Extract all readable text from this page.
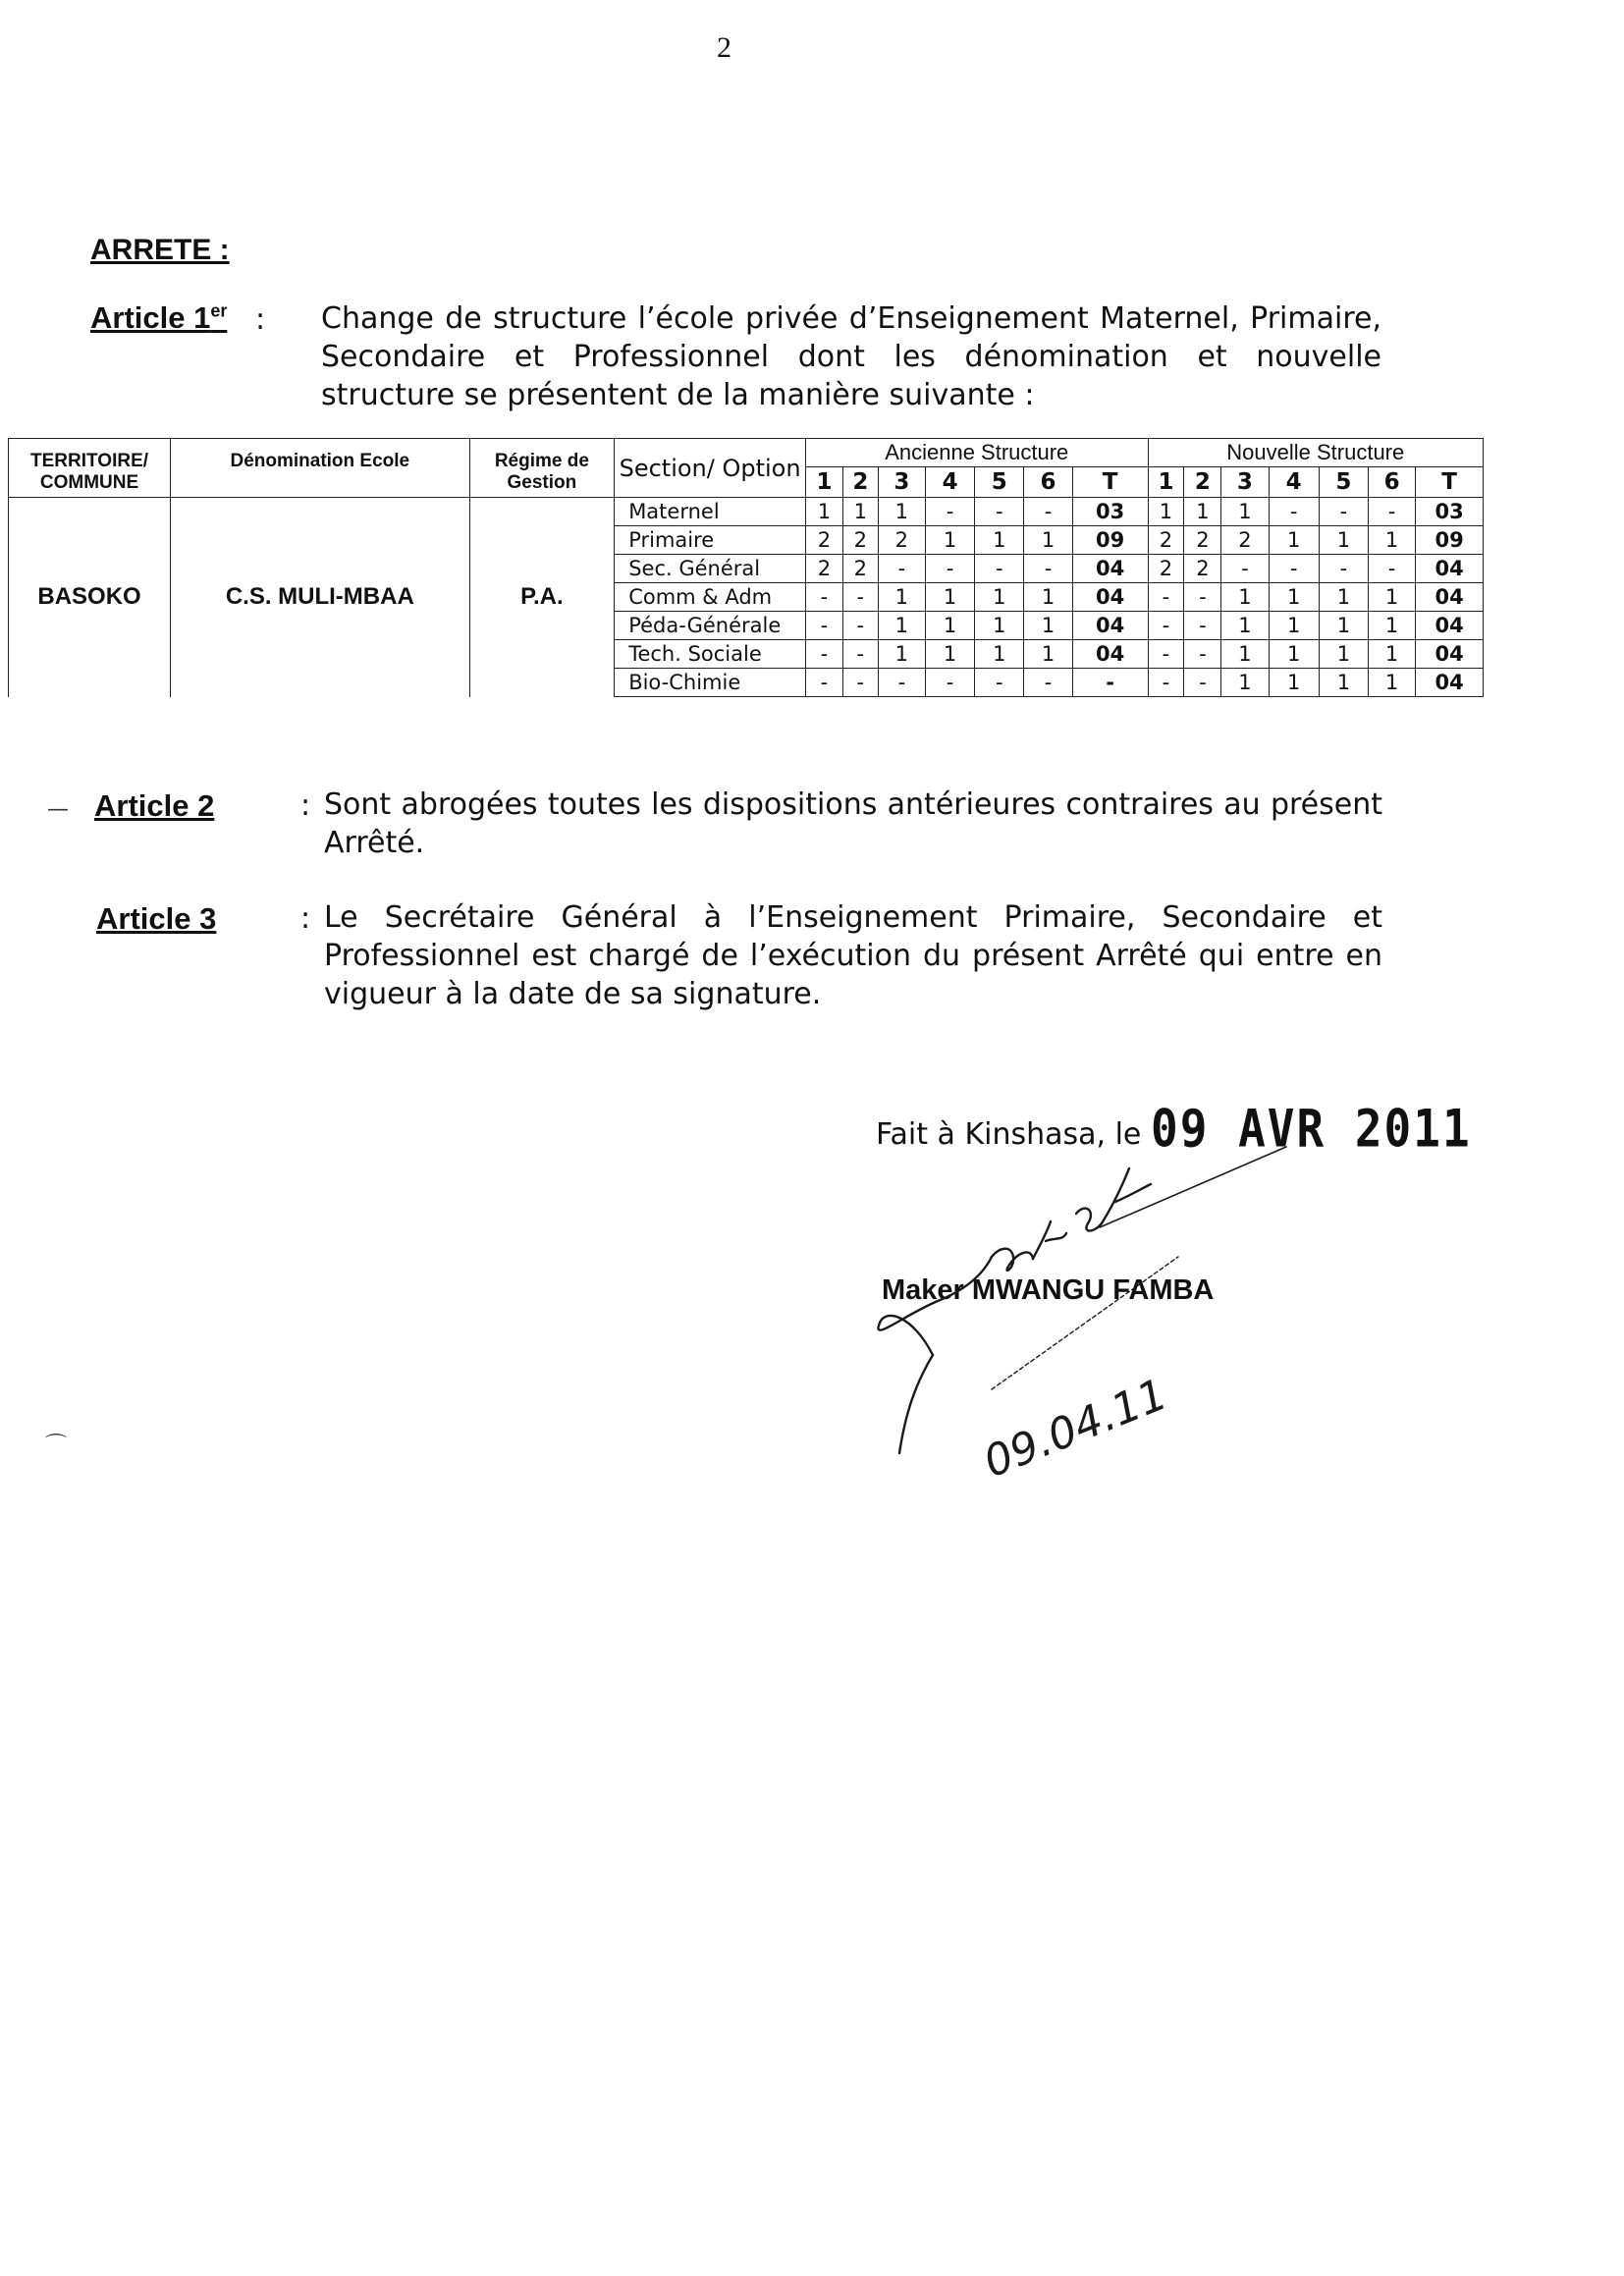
2
ARRETE :
Article 1er : Change de structure l’école privée d’Enseignement Maternel, Primaire, Secondaire et Professionnel dont les dénomination et nouvelle structure se présentent de la manière suivante :
TERRITOIRE/ COMMUNE	Dénomination Ecole	Régime de Gestion	Section/ Option	Ancienne Structure							Nouvelle Structure						
				1	2	3	4	5	6	T	1	2	3	4	5	6	T
BASOKO	C.S. MULI-MBAA	P.A.	Maternel	1	1	1	-	-	-	03	1	1	1	-	-	-	03
			Primaire	2	2	2	1	1	1	09	2	2	2	1	1	1	09
			Sec. Général	2	2	-	-	-	-	04	2	2	-	-	-	-	04
			Comm & Adm	-	-	1	1	1	1	04	-	-	1	1	1	1	04
			Péda-Générale	-	-	1	1	1	1	04	-	-	1	1	1	1	04
			Tech. Sociale	-	-	1	1	1	1	04	-	-	1	1	1	1	04
			Bio-Chimie	-	-	-	-	-	-	-	-	-	1	1	1	1	04
— Article 2	: Sont abrogées toutes les dispositions antérieures contraires au présent
Arrêté.
Article 3	: Le Secrétaire Général à l’Enseignement Primaire, Secondaire et
Professionnel est chargé de l’exécution du présent Arrêté qui entre en
vigueur à la date de sa signature.
Fait à Kinshasa, le 09 AVR 2011
Maker MWANGU FAMBA
09.04.11
⌒
